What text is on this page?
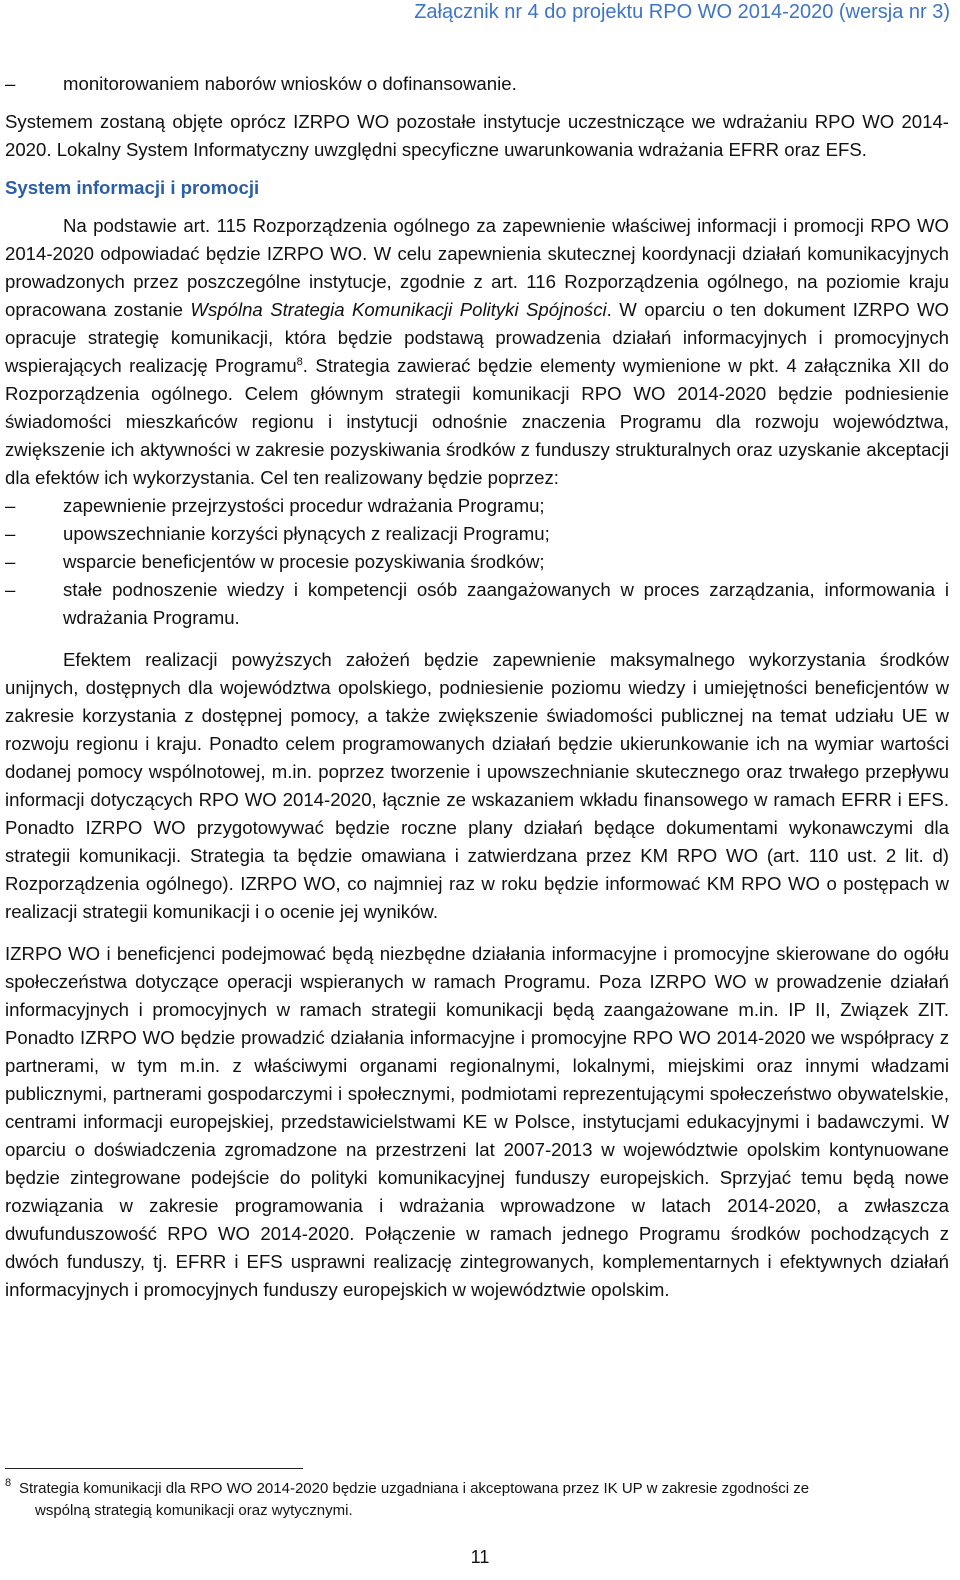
Załącznik nr 4 do projektu RPO WO 2014-2020 (wersja nr 3)
–	monitorowaniem naborów wniosków o dofinansowanie.

Systemem zostaną objęte oprócz IZRPO WO pozostałe instytucje uczestniczące we wdrażaniu RPO WO 2014-2020. Lokalny System Informatyczny uwzględni specyficzne uwarunkowania wdrażania EFRR oraz EFS.

System informacji i promocji

Na podstawie art. 115 Rozporządzenia ogólnego za zapewnienie właściwej informacji i promocji RPO WO 2014-2020 odpowiadać będzie IZRPO WO. W celu zapewnienia skutecznej koordynacji działań komunikacyjnych prowadzonych przez poszczególne instytucje, zgodnie z art. 116 Rozporządzenia ogólnego, na poziomie kraju opracowana zostanie Wspólna Strategia Komunikacji Polityki Spójności. W oparciu o ten dokument IZRPO WO opracuje strategię komunikacji, która będzie podstawą prowadzenia działań informacyjnych i promocyjnych wspierających realizację Programu$^8$. Strategia zawierać będzie elementy wymienione w pkt. 4 załącznika XII do Rozporządzenia ogólnego. Celem głównym strategii komunikacji RPO WO 2014-2020 będzie podniesienie świadomości mieszkańców regionu i instytucji odnośnie znaczenia Programu dla rozwoju województwa, zwiększenie ich aktywności w zakresie pozyskiwania środków z funduszy strukturalnych oraz uzyskanie akceptacji dla efektów ich wykorzystania. Cel ten realizowany będzie poprzez:

–	zapewnienie przejrzystości procedur wdrażania Programu;
–	upowszechnianie korzyści płynących z realizacji Programu;
–	wsparcie beneficjentów w procesie pozyskiwania środków;
–	stałe podnoszenie wiedzy i kompetencji osób zaangażowanych w proces zarządzania, informowania i wdrażania Programu.

Efektem realizacji powyższych założeń będzie zapewnienie maksymalnego wykorzystania środków unijnych, dostępnych dla województwa opolskiego, podniesienie poziomu wiedzy i umiejętności beneficjentów w zakresie korzystania z dostępnej pomocy, a także zwiększenie świadomości publicznej na temat udziału UE w rozwoju regionu i kraju. Ponadto celem programowanych działań będzie ukierunkowanie ich na wymiar wartości dodanej pomocy wspólnotowej, m.in. poprzez tworzenie i upowszechnianie skutecznego oraz trwałego przepływu informacji dotyczących RPO WO 2014-2020, łącznie ze wskazaniem wkładu finansowego w ramach EFRR i EFS. Ponadto IZRPO WO przygotowywać będzie roczne plany działań będące dokumentami wykonawczymi dla strategii komunikacji. Strategia ta będzie omawiana i zatwierdzana przez KM RPO WO (art. 110 ust. 2 lit. d) Rozporządzenia ogólnego). IZRPO WO, co najmniej raz w roku będzie informować KM RPO WO o postępach w realizacji strategii komunikacji i o ocenie jej wyników.

IZRPO WO i beneficjenci podejmować będą niezbędne działania informacyjne i promocyjne skierowane do ogółu społeczeństwa dotyczące operacji wspieranych w ramach Programu. Poza IZRPO WO w prowadzenie działań informacyjnych i promocyjnych w ramach strategii komunikacji będą zaangażowane m.in. IP II, Związek ZIT. Ponadto IZRPO WO będzie prowadzić działania informacyjne i promocyjne RPO WO 2014-2020 we współpracy z partnerami, w tym m.in. z właściwymi organami regionalnymi, lokalnymi, miejskimi oraz innymi władzami publicznymi, partnerami gospodarczymi i społecznymi, podmiotami reprezentującymi społeczeństwo obywatelskie, centrami informacji europejskiej, przedstawicielstwami KE w Polsce, instytucjami edukacyjnymi i badawczymi. W oparciu o doświadczenia zgromadzone na przestrzeni lat 2007-2013 w województwie opolskim kontynuowane będzie zintegrowane podejście do polityki komunikacyjnej funduszy europejskich. Sprzyjać temu będą nowe rozwiązania w zakresie programowania i wdrażania wprowadzone w latach 2014-2020, a zwłaszcza dwufunduszowość RPO WO 2014-2020. Połączenie w ramach jednego Programu środków pochodzących z dwóch funduszy, tj. EFRR i EFS usprawni realizację zintegrowanych, komplementarnych i efektywnych działań informacyjnych i promocyjnych funduszy europejskich w województwie opolskim.

8 Strategia komunikacji dla RPO WO 2014-2020 będzie uzgadniana i akceptowana przez IK UP w zakresie zgodności ze
wspólną strategią komunikacji oraz wytycznymi.
11
